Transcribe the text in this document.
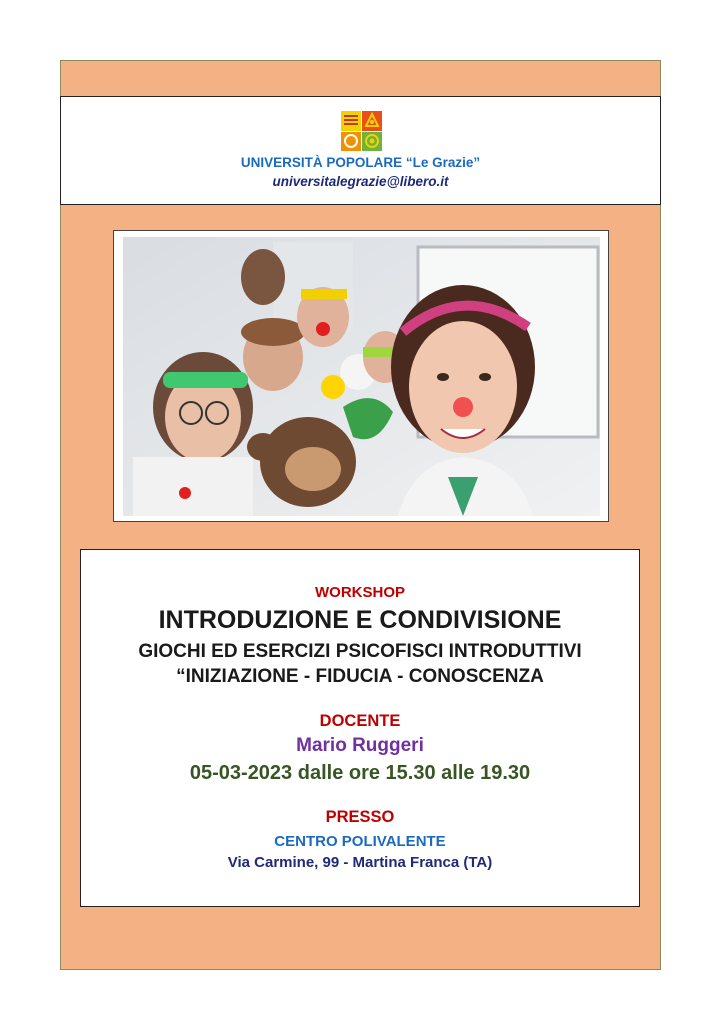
UNIVERSITÀ POPOLARE “Le Grazie”
universitalegrazie@libero.it
WORKSHOP
INTRODUZIONE E CONDIVISIONE
GIOCHI ED ESERCIZI PSICOFISCI INTRODUTTIVI
“INIZIAZIONE - FIDUCIA - CONOSCENZA
DOCENTE
Mario Ruggeri
05-03-2023 dalle ore 15.30 alle 19.30
PRESSO
CENTRO POLIVALENTE
Via Carmine, 99 - Martina Franca (TA)
